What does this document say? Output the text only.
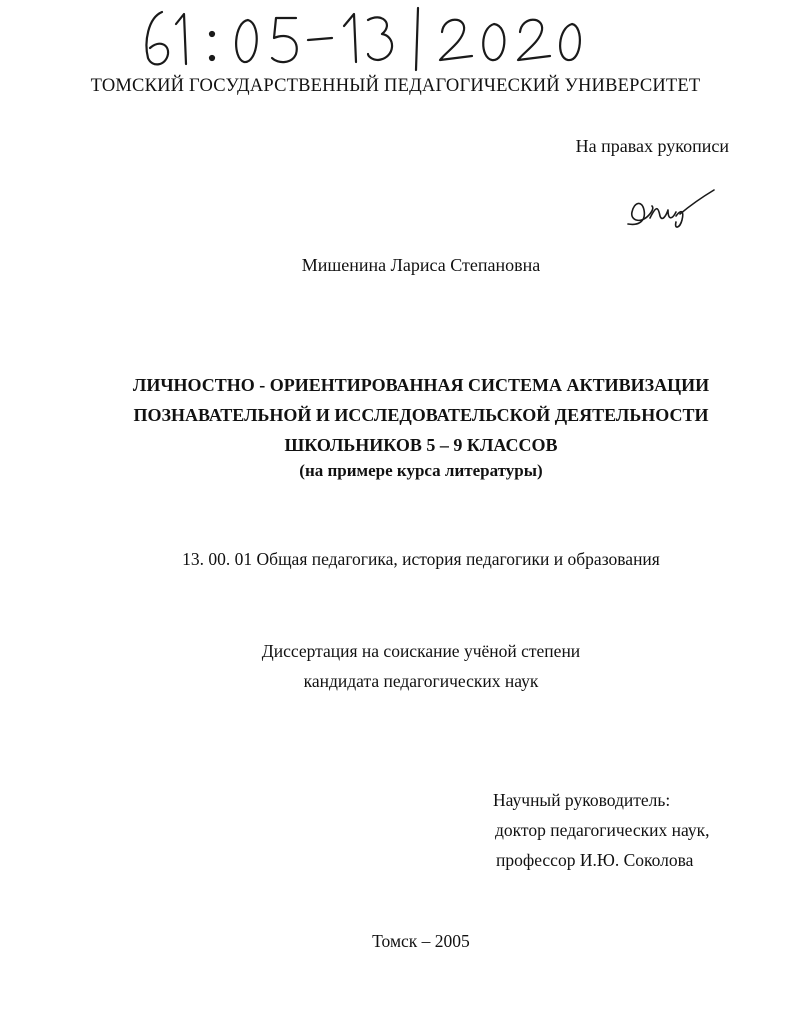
ТОМСКИЙ ГОСУДАРСТВЕННЫЙ ПЕДАГОГИЧЕСКИЙ УНИВЕРСИТЕТ
На правах рукописи
Мишенина Лариса Степановна
ЛИЧНОСТНО - ОРИЕНТИРОВАННАЯ СИСТЕМА АКТИВИЗАЦИИ
ПОЗНАВАТЕЛЬНОЙ И ИССЛЕДОВАТЕЛЬСКОЙ ДЕЯТЕЛЬНОСТИ
ШКОЛЬНИКОВ 5 – 9 КЛАССОВ
(на примере курса литературы)
13. 00. 01 Общая педагогика, история педагогики и образования
Диссертация на соискание учёной степени
кандидата педагогических наук
Научный руководитель:
доктор педагогических наук,
профессор И.Ю. Соколова
Томск – 2005
